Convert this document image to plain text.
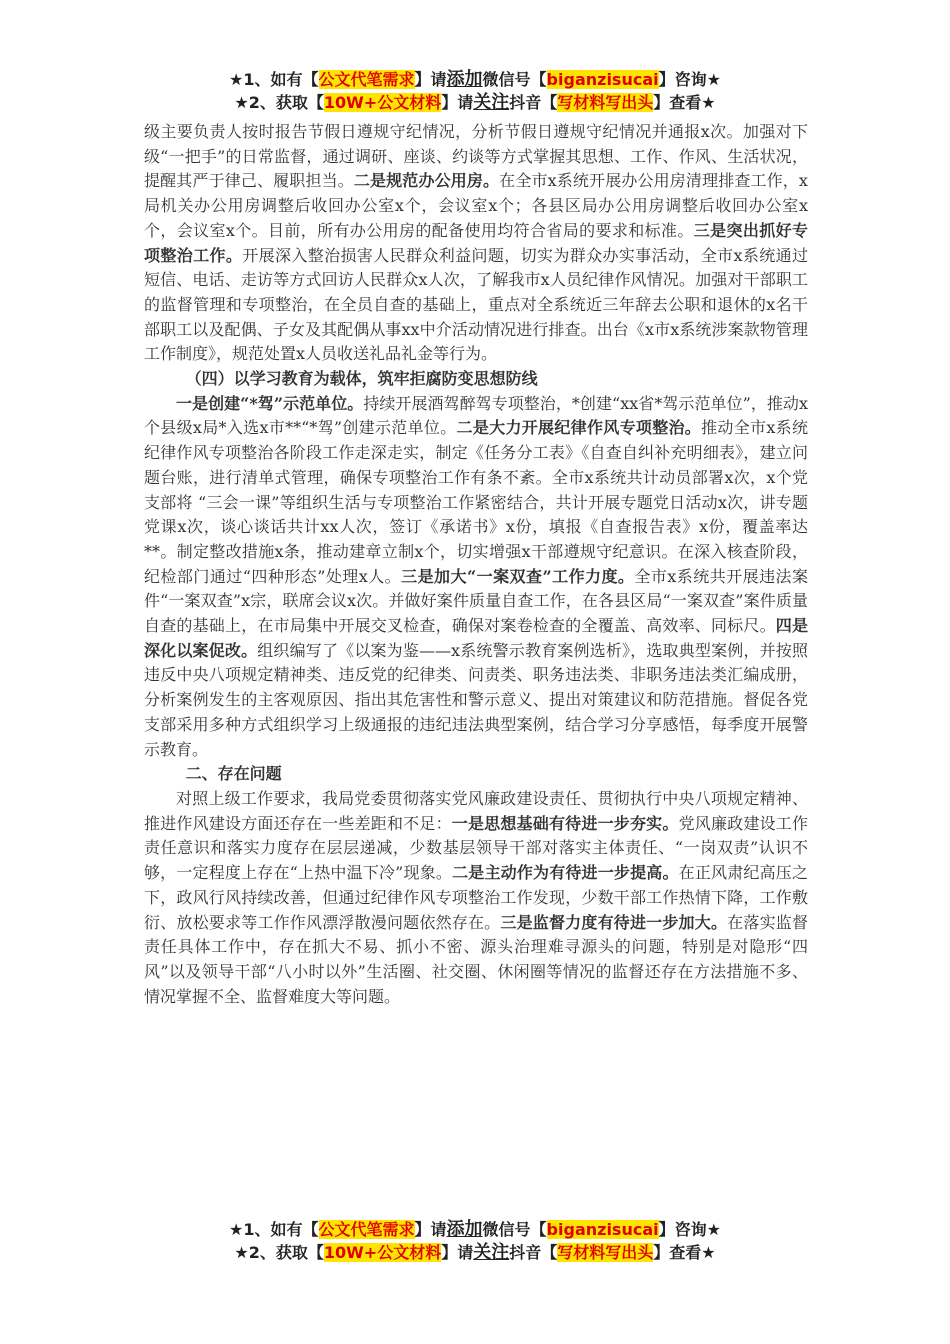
★1、如有【公文代笔需求】请添加微信号【biganzisucai】咨询★
★2、获取【10W+公文材料】请关注抖音【写材料写出头】查看★

级主要负责人按时报告节假日遵规守纪情况，分析节假日遵规守纪情况并通报x次。加强对下级“一把手”的日常监督，通过调研、座谈、约谈等方式掌握其思想、工作、作风、生活状况，提醒其严于律己、履职担当。二是规范办公用房。在全市x系统开展办公用房清理排查工作，x局机关办公用房调整后收回办公室x个，会议室x个；各县区局办公用房调整后收回办公室x个，会议室x个。目前，所有办公用房的配备使用均符合省局的要求和标准。三是突出抓好专项整治工作。开展深入整治损害人民群众利益问题，切实为群众办实事活动，全市x系统通过短信、电话、走访等方式回访人民群众x人次，了解我市x人员纪律作风情况。加强对干部职工的监督管理和专项整治，在全员自查的基础上，重点对全系统近三年辞去公职和退休的x名干部职工以及配偶、子女及其配偶从事xx中介活动情况进行排查。出台《x市x系统涉案款物管理工作制度》，规范处置x人员收送礼品礼金等行为。

（四）以学习教育为载体，筑牢拒腐防变思想防线

一是创建“*驾”示范单位。持续开展酒驾醉驾专项整治，*创建“xx省*驾示范单位”，推动x个县级x局*入选x市**“*驾”创建示范单位。二是大力开展纪律作风专项整治。推动全市x系统纪律作风专项整治各阶段工作走深走实，制定《任务分工表》《自查自纠补充明细表》，建立问题台账，进行清单式管理，确保专项整治工作有条不紊。全市x系统共计动员部署x次，x个党支部将 “三会一课”等组织生活与专项整治工作紧密结合，共计开展专题党日活动x次，讲专题党课x次，谈心谈话共计xx人次，签订《承诺书》x份，填报《自查报告表》x份，覆盖率达**。制定整改措施x条，推动建章立制x个，切实增强x干部遵规守纪意识。在深入核查阶段，纪检部门通过“四种形态”处理x人。三是加大“一案双查”工作力度。全市x系统共开展违法案件“一案双查”x宗，联席会议x次。并做好案件质量自查工作，在各县区局“一案双查”案件质量自查的基础上，在市局集中开展交叉检查，确保对案卷检查的全覆盖、高效率、同标尺。四是深化以案促改。组织编写了《以案为鉴——x系统警示教育案例选析》，选取典型案例，并按照违反中央八项规定精神类、违反党的纪律类、问责类、职务违法类、非职务违法类汇编成册，分析案例发生的主客观原因、指出其危害性和警示意义、提出对策建议和防范措施。督促各党支部采用多种方式组织学习上级通报的违纪违法典型案例，结合学习分享感悟，每季度开展警示教育。

二、存在问题

对照上级工作要求，我局党委贯彻落实党风廉政建设责任、贯彻执行中央八项规定精神、推进作风建设方面还存在一些差距和不足：一是思想基础有待进一步夯实。党风廉政建设工作责任意识和落实力度存在层层递减，少数基层领导干部对落实主体责任、“一岗双责”认识不够，一定程度上存在“上热中温下冷”现象。二是主动作为有待进一步提高。在正风肃纪高压之下，政风行风持续改善，但通过纪律作风专项整治工作发现，少数干部工作热情下降，工作敷衍、放松要求等工作作风漂浮散漫问题依然存在。三是监督力度有待进一步加大。在落实监督责任具体工作中，存在抓大不易、抓小不密、源头治理难寻源头的问题，特别是对隐形“四风”以及领导干部“八小时以外”生活圈、社交圈、休闲圈等情况的监督还存在方法措施不多、情况掌握不全、监督难度大等问题。

★1、如有【公文代笔需求】请添加微信号【biganzisucai】咨询★
★2、获取【10W+公文材料】请关注抖音【写材料写出头】查看★
